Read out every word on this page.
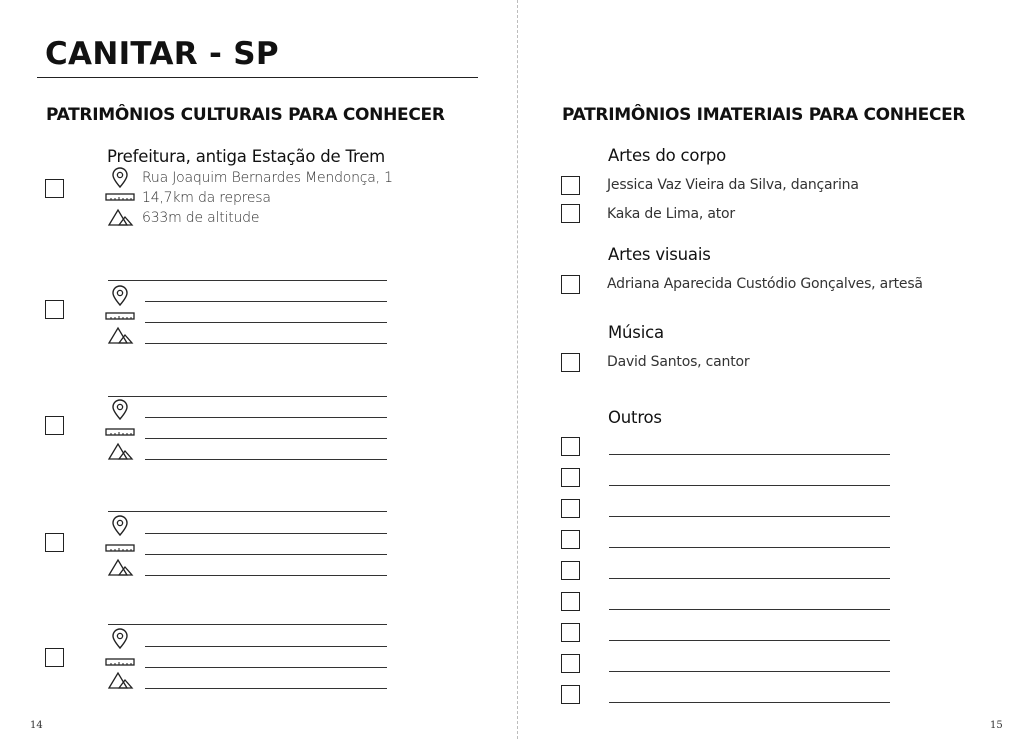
CANITAR - SP
PATRIMÔNIOS CULTURAIS PARA CONHECER
Prefeitura, antiga Estação de Trem
Rua Joaquim Bernardes Mendonça, 1
14,7km da represa
633m de altitude
14
PATRIMÔNIOS IMATERIAIS PARA CONHECER
Artes do corpo
Jessica Vaz Vieira da Silva, dançarina
Kaka de Lima, ator
Artes visuais
Adriana Aparecida Custódio Gonçalves, artesã
Música
David Santos, cantor
Outros
15
